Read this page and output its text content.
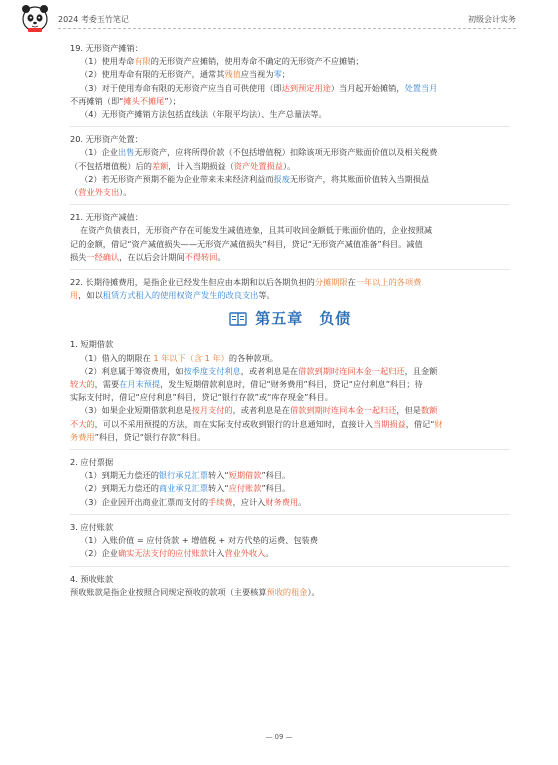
2024 考委玉竹笔记	初级会计实务

19. 无形资产摊销：

（1）使用寿命有限的无形资产应摊销，使用寿命不确定的无形资产不应摊销；

（2）使用寿命有限的无形资产，通常其残值应当视为零；

（3）对于使用寿命有限的无形资产应当自可供使用（即达到预定用途）当月起开始摊销，处置当月

不再摊销（即“摊头不摊尾”）；

（4）无形资产摊销方法包括直线法（年限平均法）、生产总量法等。

20. 无形资产处置：

（1）企业出售无形资产，应将所得价款（不包括增值税）扣除该项无形资产账面价值以及相关税费

（不包括增值税）后的差额，计入当期损益（资产处置损益）。

（2）若无形资产预期不能为企业带来未来经济利益而报废无形资产，将其账面价值转入当期损益

（营业外支出）。

21. 无形资产减值：

在资产负债表日，无形资产存在可能发生减值迹象，且其可收回金额低于账面价值的，企业按照减

记的金额，借记“资产减值损失——无形资产减值损失”科目，贷记“无形资产减值准备”科目。减值

损失一经确认，在以后会计期间不得转回。

22. 长期待摊费用，是指企业已经发生但应由本期和以后各期负担的分摊期限在一年以上的各项费

用，如以租赁方式租入的使用权资产发生的改良支出等。

第五章　负债

1. 短期借款

（1）借入的期限在 1 年以下（含 1 年）的各种款项。

（2）利息属于筹资费用，如按季度支付利息，或者利息是在借款到期时连同本金一起归还，且金额

较大的，需要在月末预提，发生短期借款利息时，借记“财务费用”科目，贷记“应付利息”科目；待

实际支付时，借记“应付利息”科目，贷记“银行存款”或“库存现金”科目。

（3）如果企业短期借款利息是按月支付的，或者利息是在借款到期时连同本金一起归还，但是数额

不大的，可以不采用预提的方法，而在实际支付或收到银行的计息通知时，直接计入当期损益，借记“财

务费用”科目，贷记“银行存款”科目。

2. 应付票据

（1）到期无力偿还的银行承兑汇票转入“短期借款”科目。

（2）到期无力偿还的商业承兑汇票转入“应付账款”科目。

（3）企业因开出商业汇票而支付的手续费，应计入财务费用。

3. 应付账款

（1）入账价值 = 应付货款 + 增值税 + 对方代垫的运费、包装费

（2）企业确实无法支付的应付账款计入营业外收入。

4. 预收账款

预收账款是指企业按照合同规定预收的款项（主要核算预收的租金）。

— 09 —
